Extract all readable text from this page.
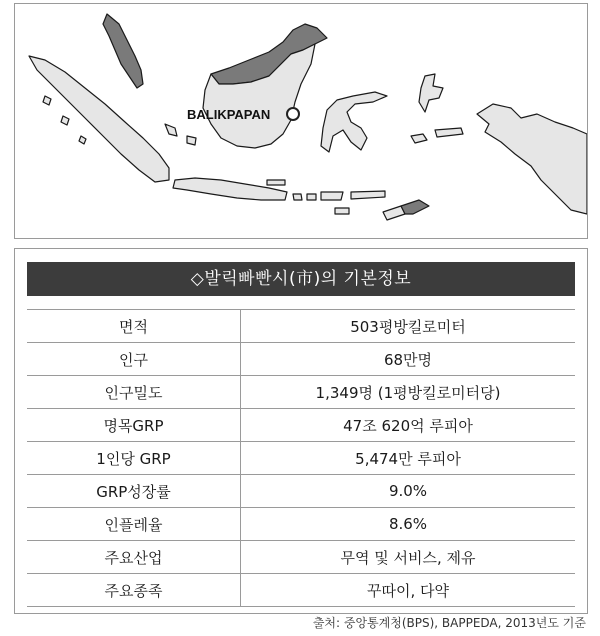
BALIKPAPAN
◇발릭빠빤시(市)의 기본정보
면적	503평방킬로미터
인구	68만명
인구밀도	1,349명 (1평방킬로미터당)
명목GRP	47조 620억 루피아
1인당 GRP	5,474만 루피아
GRP성장률	9.0%
인플레율	8.6%
주요산업	무역 및 서비스, 제유
주요종족	꾸따이, 다약
출처: 중앙통계청(BPS), BAPPEDA, 2013년도 기준
